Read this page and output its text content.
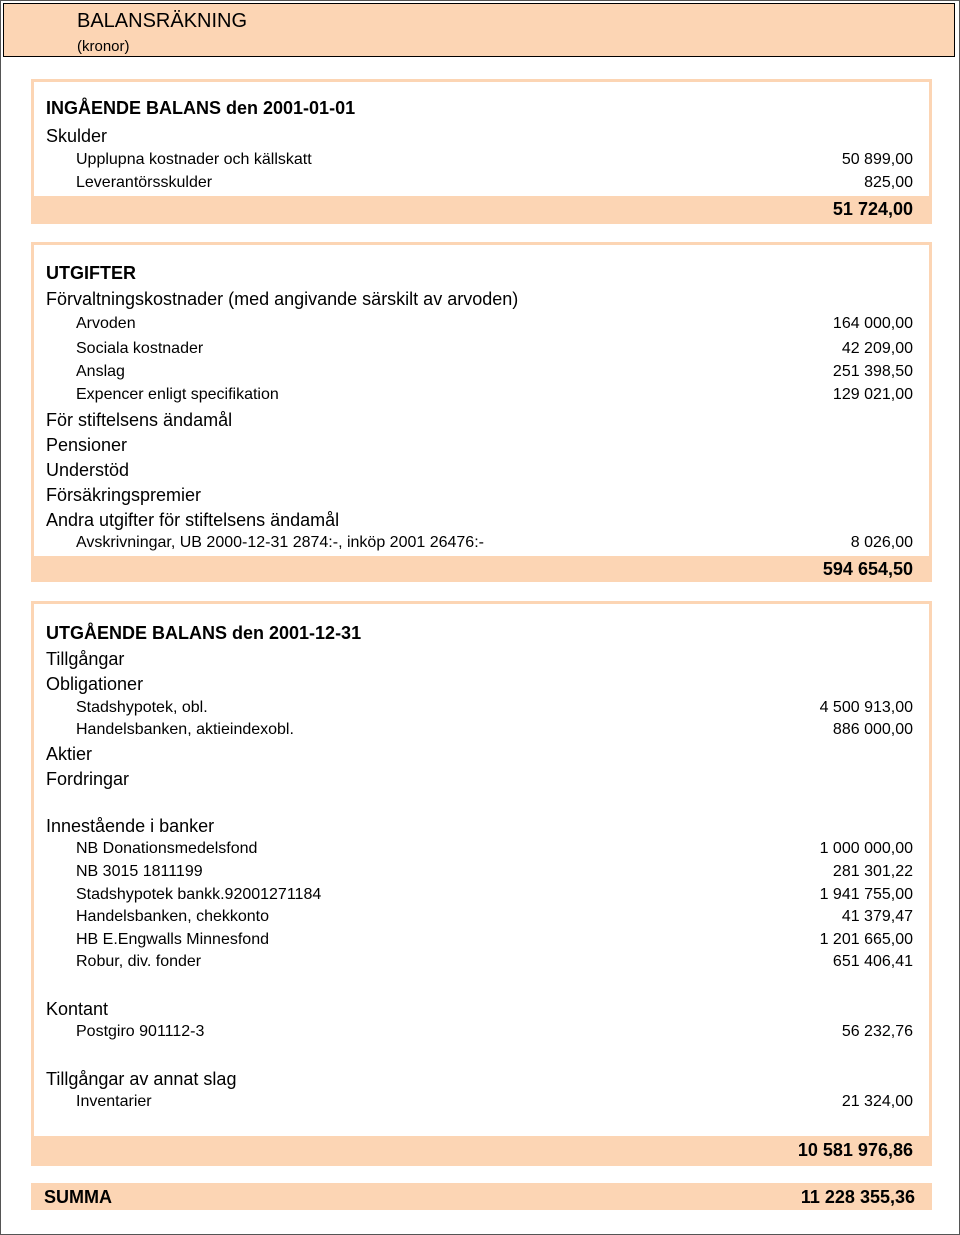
BALANSRÄKNING
(kronor)
INGÅENDE BALANS den 2001-01-01
Skulder
Upplupna kostnader och källskatt	50 899,00
Leverantörsskulder	825,00
51 724,00
UTGIFTER
Förvaltningskostnader (med angivande särskilt av arvoden)
Arvoden	164 000,00
Sociala kostnader	42 209,00
Anslag	251 398,50
Expencer enligt specifikation	129 021,00
För stiftelsens ändamål
Pensioner
Understöd
Försäkringspremier
Andra utgifter för stiftelsens ändamål
Avskrivningar, UB 2000-12-31 2874:-, inköp 2001 26476:-	8 026,00
594 654,50
UTGÅENDE BALANS den 2001-12-31
Tillgångar
Obligationer
Stadshypotek, obl.	4 500 913,00
Handelsbanken, aktieindexobl.	886 000,00
Aktier
Fordringar
Innestående i banker
NB Donationsmedelsfond	1 000 000,00
NB 3015 1811199	281 301,22
Stadshypotek bankk.92001271184	1 941 755,00
Handelsbanken, chekkonto	41 379,47
HB E.Engwalls Minnesfond	1 201 665,00
Robur, div. fonder	651 406,41
Kontant
Postgiro 901112-3	56 232,76
Tillgångar av annat slag
Inventarier	21 324,00
10 581 976,86
SUMMA	11 228 355,36
